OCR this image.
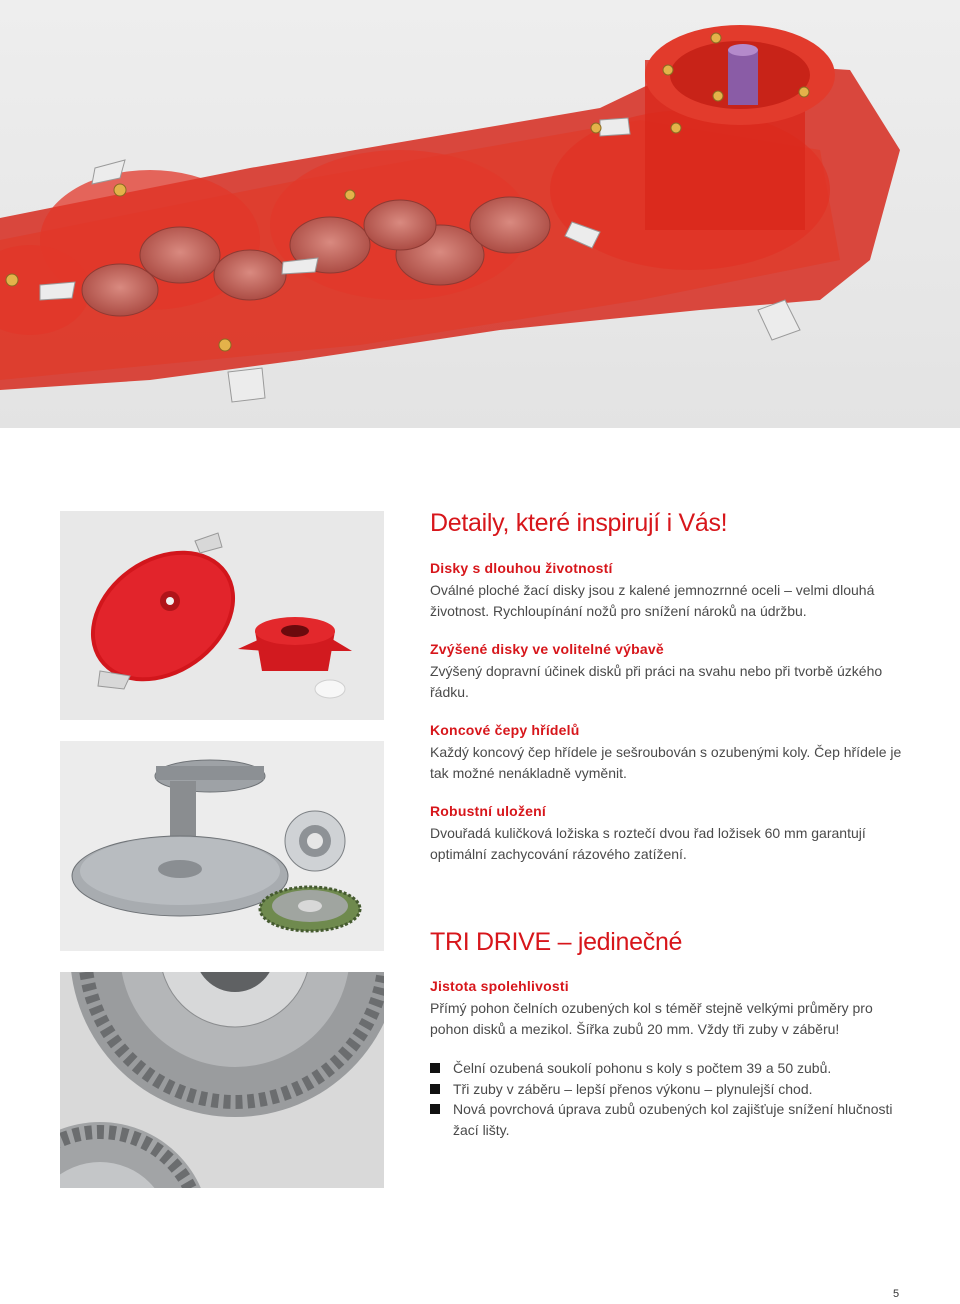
Detaily, které inspirují i Vás!
Disky s dlouhou životností

Oválné ploché žací disky jsou z kalené jemnozrnné oceli – velmi dlouhá životnost. Rychloupínání nožů pro snížení nároků na údržbu.

Zvýšené disky ve volitelné výbavě

Zvýšený dopravní účinek disků při práci na svahu nebo při tvorbě úzkého řádku.

Koncové čepy hřídelů

Každý koncový čep hřídele je sešroubován s ozubenými koly. Čep hřídele je tak možné nenákladně vyměnit.

Robustní uložení

Dvouřadá kuličková ložiska s roztečí dvou řad ložisek 60 mm garantují optimální zachycování rázového zatížení.

TRI DRIVE – jedinečné
Jistota spolehlivosti

Přímý pohon čelních ozubených kol s téměř stejně velkými průměry pro pohon disků a mezikol. Šířka zubů 20 mm. Vždy tři zuby v záběru!

Čelní ozubená soukolí pohonu s koly s počtem 39 a 50 zubů.
Tři zuby v záběru – lepší přenos výkonu – plynulejší chod.
Nová povrchová úprava zubů ozubených kol zajišťuje snížení hlučnosti žací lišty.
5
